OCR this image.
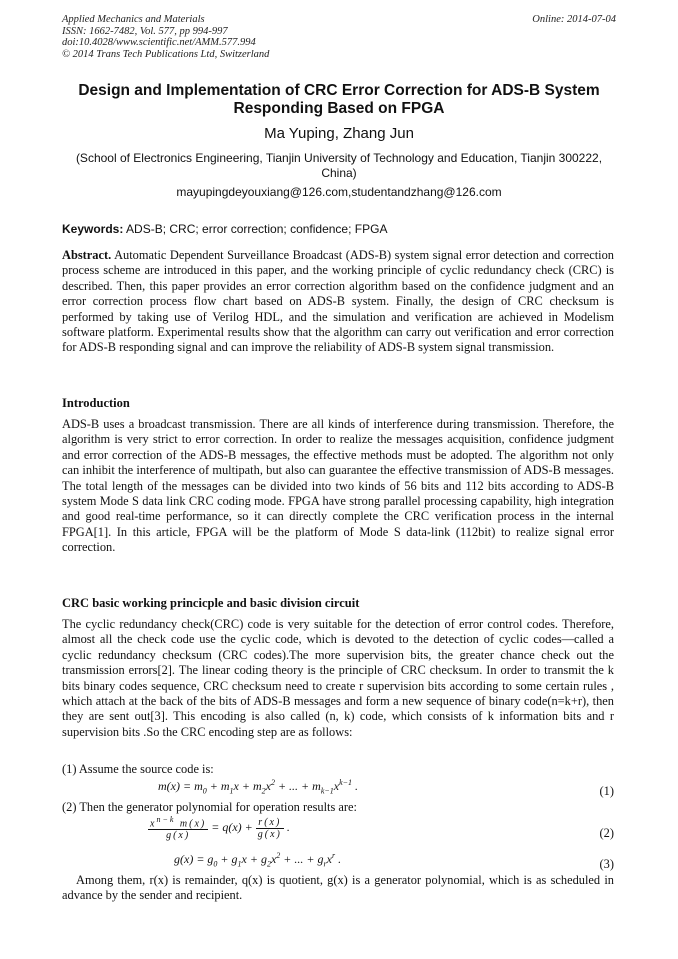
Applied Mechanics and Materials
ISSN: 1662-7482, Vol. 577, pp 994-997
doi:10.4028/www.scientific.net/AMM.577.994
© 2014 Trans Tech Publications Ltd, Switzerland
Online: 2014-07-04
Design and Implementation of CRC Error Correction for ADS-B System Responding Based on FPGA
Ma Yuping, Zhang Jun
(School of Electronics Engineering, Tianjin University of Technology and Education, Tianjin 300222, China)
mayupingdeyouxiang@126.com,studentandzhang@126.com
Keywords: ADS-B; CRC; error correction; confidence; FPGA
Abstract. Automatic Dependent Surveillance Broadcast (ADS-B) system signal error detection and correction process scheme are introduced in this paper, and the working principle of cyclic redundancy check (CRC) is described. Then, this paper provides an error correction algorithm based on the confidence judgment and an error correction process flow chart based on ADS-B system. Finally, the design of CRC checksum is performed by taking use of Verilog HDL, and the simulation and verification are achieved in Modelism software platform. Experimental results show that the algorithm can carry out verification and error correction for ADS-B responding signal and can improve the reliability of ADS-B system signal transmission.
Introduction
ADS-B uses a broadcast transmission. There are all kinds of interference during transmission. Therefore, the algorithm is very strict to error correction. In order to realize the messages acquisition, confidence judgment and error correction of the ADS-B messages, the effective methods must be adopted. The algorithm not only can inhibit the interference of multipath, but also can guarantee the effective transmission of ADS-B messages. The total length of the messages can be divided into two kinds of 56 bits and 112 bits according to ADS-B system Mode S data link CRC coding mode. FPGA have strong parallel processing capability, high integration and good real-time performance, so it can directly complete the CRC verification process in the internal FPGA[1]. In this article, FPGA will be the platform of Mode S data-link (112bit) to realize signal error correction.
CRC basic working princicple and basic division circuit
The cyclic redundancy check(CRC) code is very suitable for the detection of error control codes. Therefore, almost all the check code use the cyclic code, which is devoted to the detection of cyclic codes—called a cyclic redundancy checksum (CRC codes).The more supervision bits, the greater chance check out the transmission errors[2]. The linear coding theory is the principle of CRC checksum. In order to transmit the k bits binary codes sequence, CRC checksum need to create r supervision bits according to some certain rules , which attach at the back of the bits of ADS-B messages and form a new sequence of binary code(n=k+r), then they are sent out[3]. This encoding is also called (n, k) code, which consists of k information bits and r supervision bits .So the CRC encoding step are as follows:
(1) Assume the source code is:
$m(x) = m_0 + m_1x + m_2x^2$ + ... + $m_{k-1}x^{k-1}$ .	(1)
(2) Then the generator polynomial for operation results are:
$\frac{x^{n-k} m(x)}{g(x)} = q(x) + \frac{r(x)}{g(x)}$ .	(2)
$g(x) = g_0 + g_1x + g_2x^2$ + ... + $g_rx^r$ .	(3)
Among them, r(x) is remainder, q(x) is quotient, g(x) is a generator polynomial, which is as scheduled in advance by the sender and recipient.
